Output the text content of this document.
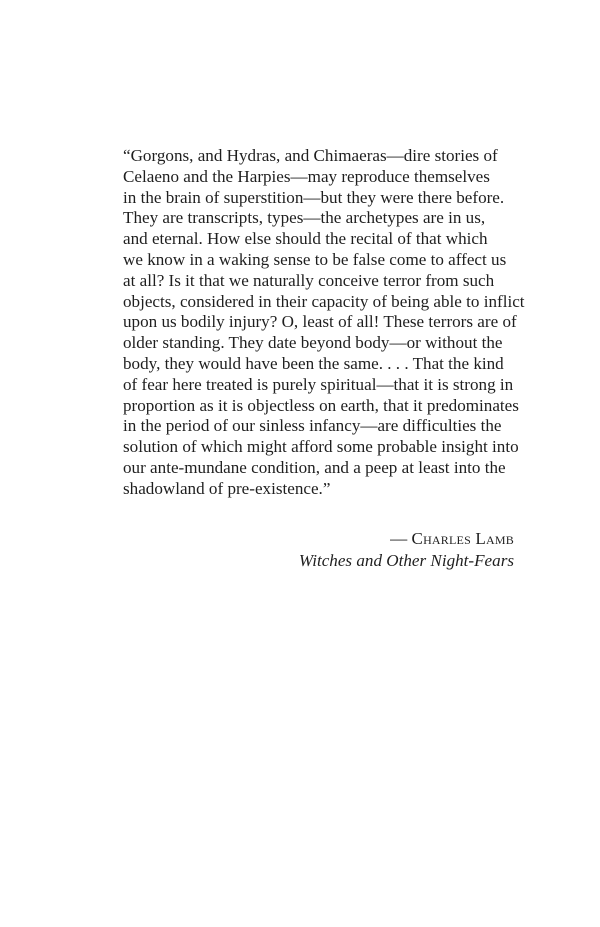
“Gorgons, and Hydras, and Chimaeras—dire stories of
Celaeno and the Harpies—may reproduce themselves
in the brain of superstition—but they were there before.
They are transcripts, types—the archetypes are in us,
and eternal. How else should the recital of that which
we know in a waking sense to be false come to affect us
at all? Is it that we naturally conceive terror from such
objects, considered in their capacity of being able to inflict
upon us bodily injury? O, least of all! These terrors are of
older standing. They date beyond body—or without the
body, they would have been the same. . . . That the kind
of fear here treated is purely spiritual—that it is strong in
proportion as it is objectless on earth, that it predominates
in the period of our sinless infancy—are difficulties the
solution of which might afford some probable insight into
our ante-mundane condition, and a peep at least into the
shadowland of pre-existence.”
— Charles Lamb
Witches and Other Night-Fears
